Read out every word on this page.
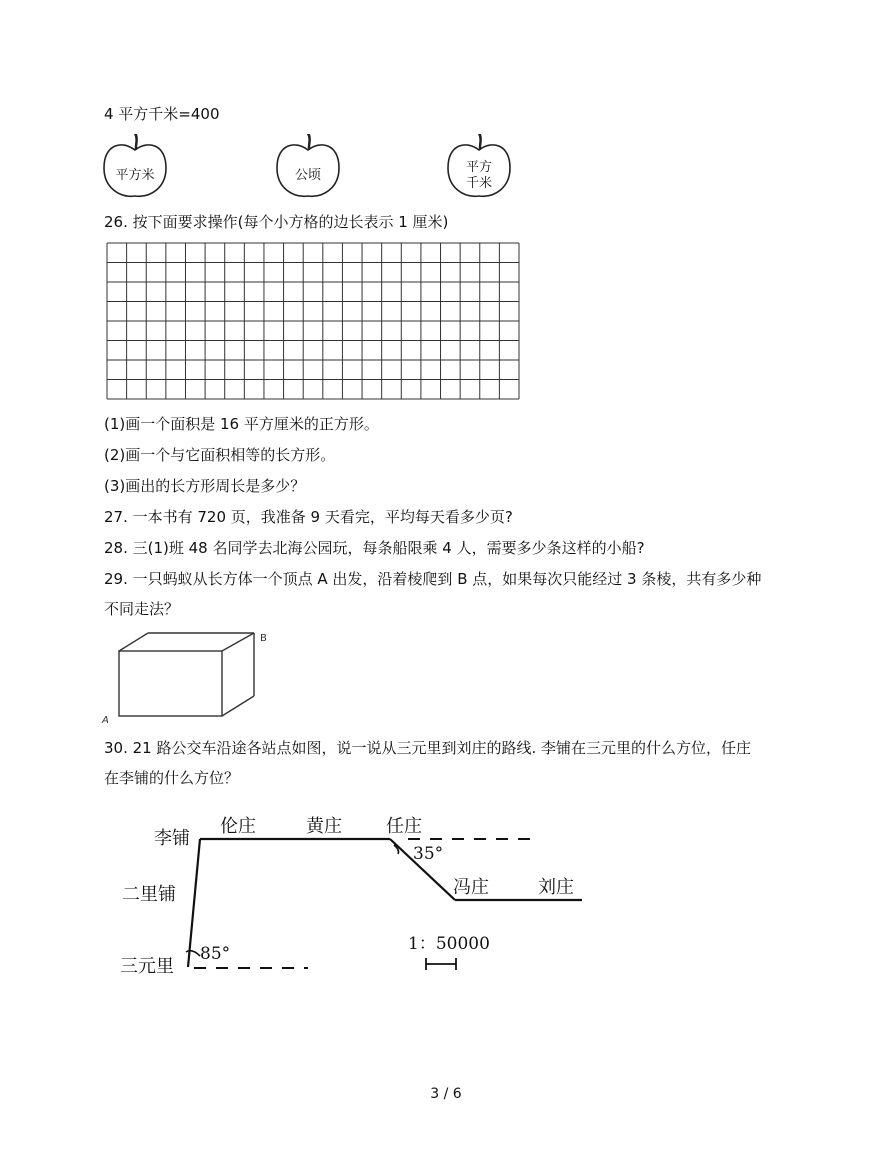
4 平方千米=400
平方米	公顷
平方
千米
26. 按下面要求操作(每个小方格的边长表示 1 厘米)
(1)画一个面积是 16 平方厘米的正方形。
(2)画一个与它面积相等的长方形。
(3)画出的长方形周长是多少？
27. 一本书有 720 页，我准备 9 天看完，平均每天看多少页?
28. 三(1)班 48 名同学去北海公园玩，每条船限乘 4 人，需要多少条这样的小船?
29. 一只蚂蚁从长方体一个顶点 A 出发，沿着棱爬到 B 点，如果每次只能经过 3 条棱，共有多少种
不同走法？
B
A
30. 21 路公交车沿途各站点如图，说一说从三元里到刘庄的路线. 李铺在三元里的什么方位，任庄
在李铺的什么方位？
三元里
二里铺
李铺
伦庄	黄庄 任庄
冯庄	刘庄
85°
35°
1：50000
3 / 6
